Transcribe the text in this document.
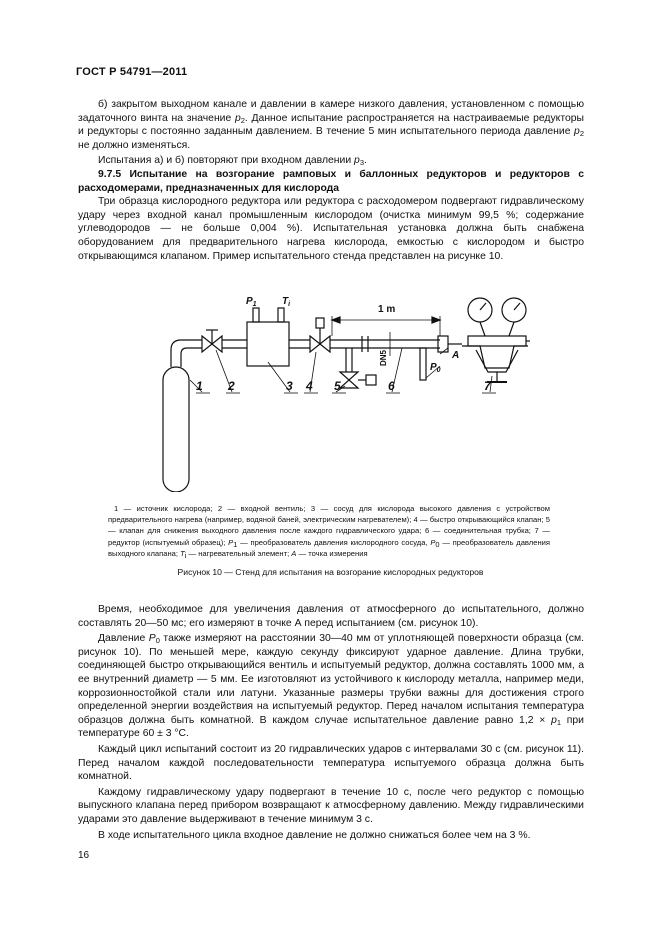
ГОСТ Р 54791—2011

б) закрытом выходном канале и давлении в камере низкого давления, установленном с помощью задаточного винта на значение $p_2$. Данное испытание распространяется на настраиваемые редукторы и редукторы с постоянно заданным давлением. В течение 5 мин испытательного периода давление $p_2$ не должно изменяться.

Испытания а) и б) повторяют при входном давлении $p_3$.

9.7.5 Испытание на возгорание рамповых и баллонных редукторов и редукторов с расходомерами, предназначенных для кислорода

Три образца кислородного редуктора или редуктора с расходомером подвергают гидравлическому удару через входной канал промышленным кислородом (очистка минимум 99,5 %; содержание углеводородов — не больше 0,004 %). Испытательная установка должна быть снабжена оборудованием для предварительного нагрева кислорода, емкостью с кислородом и быстро открывающимся клапаном. Пример испытательного стенда представлен на рисунке 10.

1 2	3 4 5	6	7
$P_1$	$T_i$
$P_0$
A
1 m
DN5

1 — источник кислорода; 2 — входной вентиль; 3 — сосуд для кислорода высокого давления с устройством предварительного нагрева (например, водяной баней, электрическим нагревателем); 4 — быстро открывающийся клапан; 5 — клапан для снижения выходного давления после каждого гидравлического удара; 6 — соединительная трубка; 7 — редуктор (испытуемый образец); $P_1$ — преобразователь давления кислородного сосуда, $P_0$ — преобразователь давления выходного клапана; $T_i$ — нагревательный элемент; A — точка измерения

Рисунок 10 — Стенд для испытания на возгорание кислородных редукторов

Время, необходимое для увеличения давления от атмосферного до испытательного, должно составлять 20—50 мс; его измеряют в точке А перед испытанием (см. рисунок 10).

Давление $P_0$ также измеряют на расстоянии 30—40 мм от уплотняющей поверхности образца (см. рисунок 10). По меньшей мере, каждую секунду фиксируют ударное давление. Длина трубки, соединяющей быстро открывающийся вентиль и испытуемый редуктор, должна составлять 1000 мм, а ее внутренний диаметр — 5 мм. Ее изготовляют из устойчивого к кислороду металла, например меди, коррозионностойкой стали или латуни. Указанные размеры трубки важны для достижения строго определенной энергии воздействия на испытуемый редуктор. Перед началом испытания температура образцов должна быть комнатной. В каждом случае испытательное давление равно $1,2 \times p_1$ при температуре 60 ± 3 °С.

Каждый цикл испытаний состоит из 20 гидравлических ударов с интервалами 30 с (см. рисунок 11). Перед началом каждой последовательности температура испытуемого образца должна быть комнатной.

Каждому гидравлическому удару подвергают в течение 10 с, после чего редуктор с помощью выпускного клапана перед прибором возвращают к атмосферному давлению. Между гидравлическими ударами это давление выдерживают в течение минимум 3 с.

В ходе испытательного цикла входное давление не должно снижаться более чем на 3 %.

16
